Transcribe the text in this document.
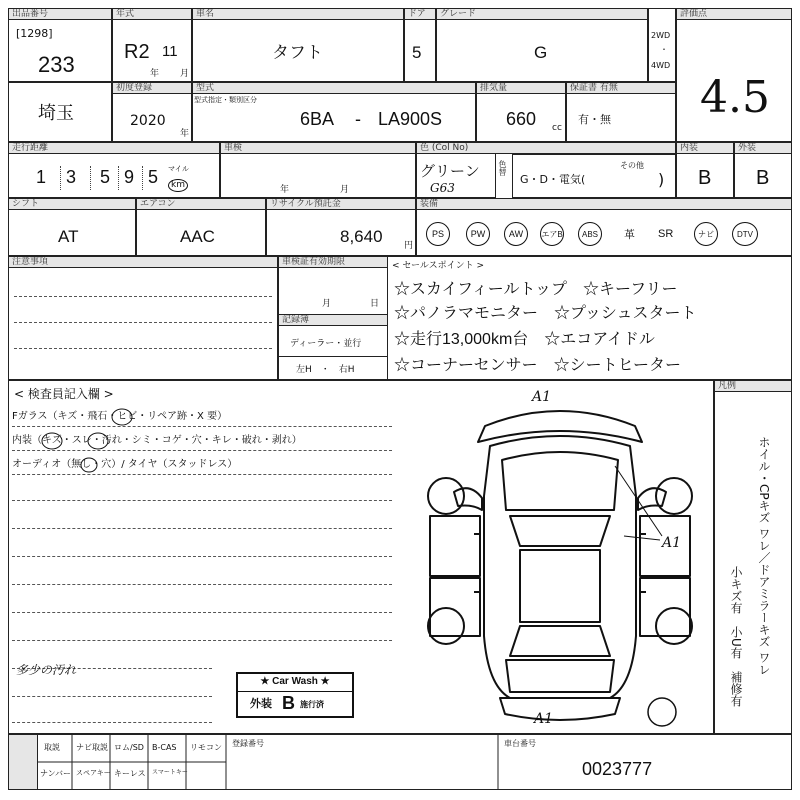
出品番号
[1298]
233
年式
R2 11
年 月
車名
タフト
ドア
5
グレード
G
2WD
・
4WD
評価点
4.5
埼玉
初度登録
2020
年
型式
型式指定・類別区分
6BA - LA900S
排気量
660 cc
保証書 有無
有・無
走行距離
1 3 5 9 5 マイル
km
車検
年	月
色 (Col No)
グリーン
G63
色替
G・D・電気(
その他
)
内装
B
外装
B
シフト
AT
エアコン
AAC
リサイクル預託金
8,640 円
装備
PS	PW	AW	エアB	ABS	革 SR	ナビ	DTV
注意事項	車検証有効期限
月	日
記録簿
ディーラー・並行
左H　・　右H
< セールスポイント >
☆スカイフィールトップ　☆キーフリー
☆パノラマモニター　☆プッシュスタート
☆走行13,000km台　☆エコアイドル
☆コーナーセンサー　☆シートヒーター
< 検査員記入欄 >
Fガラス（キズ・飛石・ヒビ・リペア跡・X 要）
内装（キズ・スレ・汚れ・シミ・コゲ・穴・キレ・破れ・剥れ）
オーディオ（無し・穴）/ タイヤ（スタッドレス）
多少の汚れ
A1
A1
A1
★ Car Wash ★
外装 B 施行済
凡例
ホイル・CPキズ ワレ／ドアミラーキズ ワレ
小キズ有　小U有　補修有
取説 ナビ取説 ロム/SD B-CAS リモコン
ナンバー スペアキー キーレス スマートキー
登録番号	車台番号
0023777
